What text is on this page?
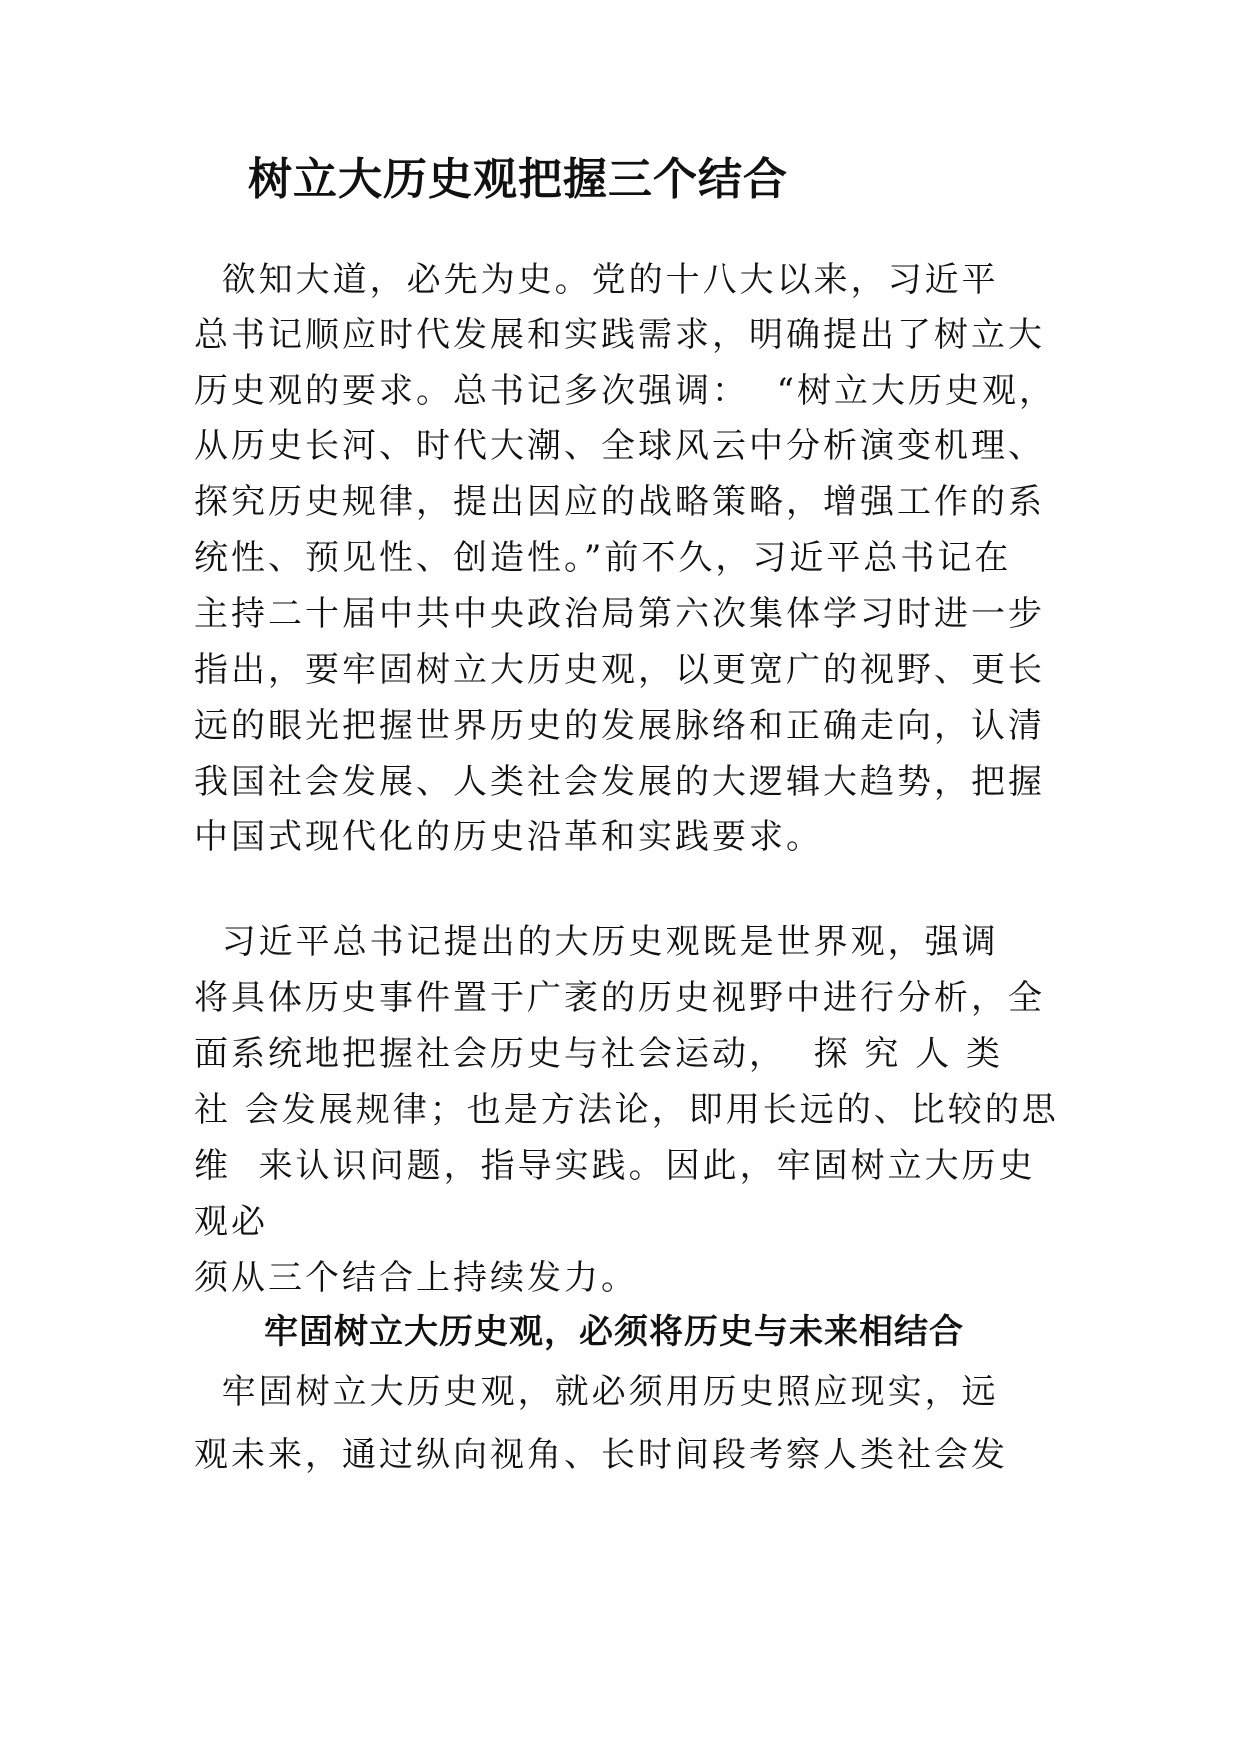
树立大历史观把握三个结合

欲知大道，必先为史。党的十八大以来，习近平

总书记顺应时代发展和实践需求，明确提出了树立大

历史观的要求。总书记多次强调：  “树立大历史观，

从历史长河、时代大潮、全球风云中分析演变机理、

探究历史规律，提出因应的战略策略，增强工作的系

统性、预见性、创造性。”前不久，习近平总书记在

主持二十届中共中央政治局第六次集体学习时进一步

指出，要牢固树立大历史观，以更宽广的视野、更长

远的眼光把握世界历史的发展脉络和正确走向，认清

我国社会发展、人类社会发展的大逻辑大趋势，把握

中国式现代化的历史沿革和实践要求。

习近平总书记提出的大历史观既是世界观，强调

将具体历史事件置于广袤的历史视野中进行分析，全

面系统地把握社会历史与社会运动，  探 究 人 类

社 会发展规律；也是方法论，即用长远的、比较的思

维  来认识问题，指导实践。因此，牢固树立大历史

观必

须从三个结合上持续发力。

牢固树立大历史观，必须将历史与未来相结合

牢固树立大历史观，就必须用历史照应现实，远

观未来，通过纵向视角、长时间段考察人类社会发
